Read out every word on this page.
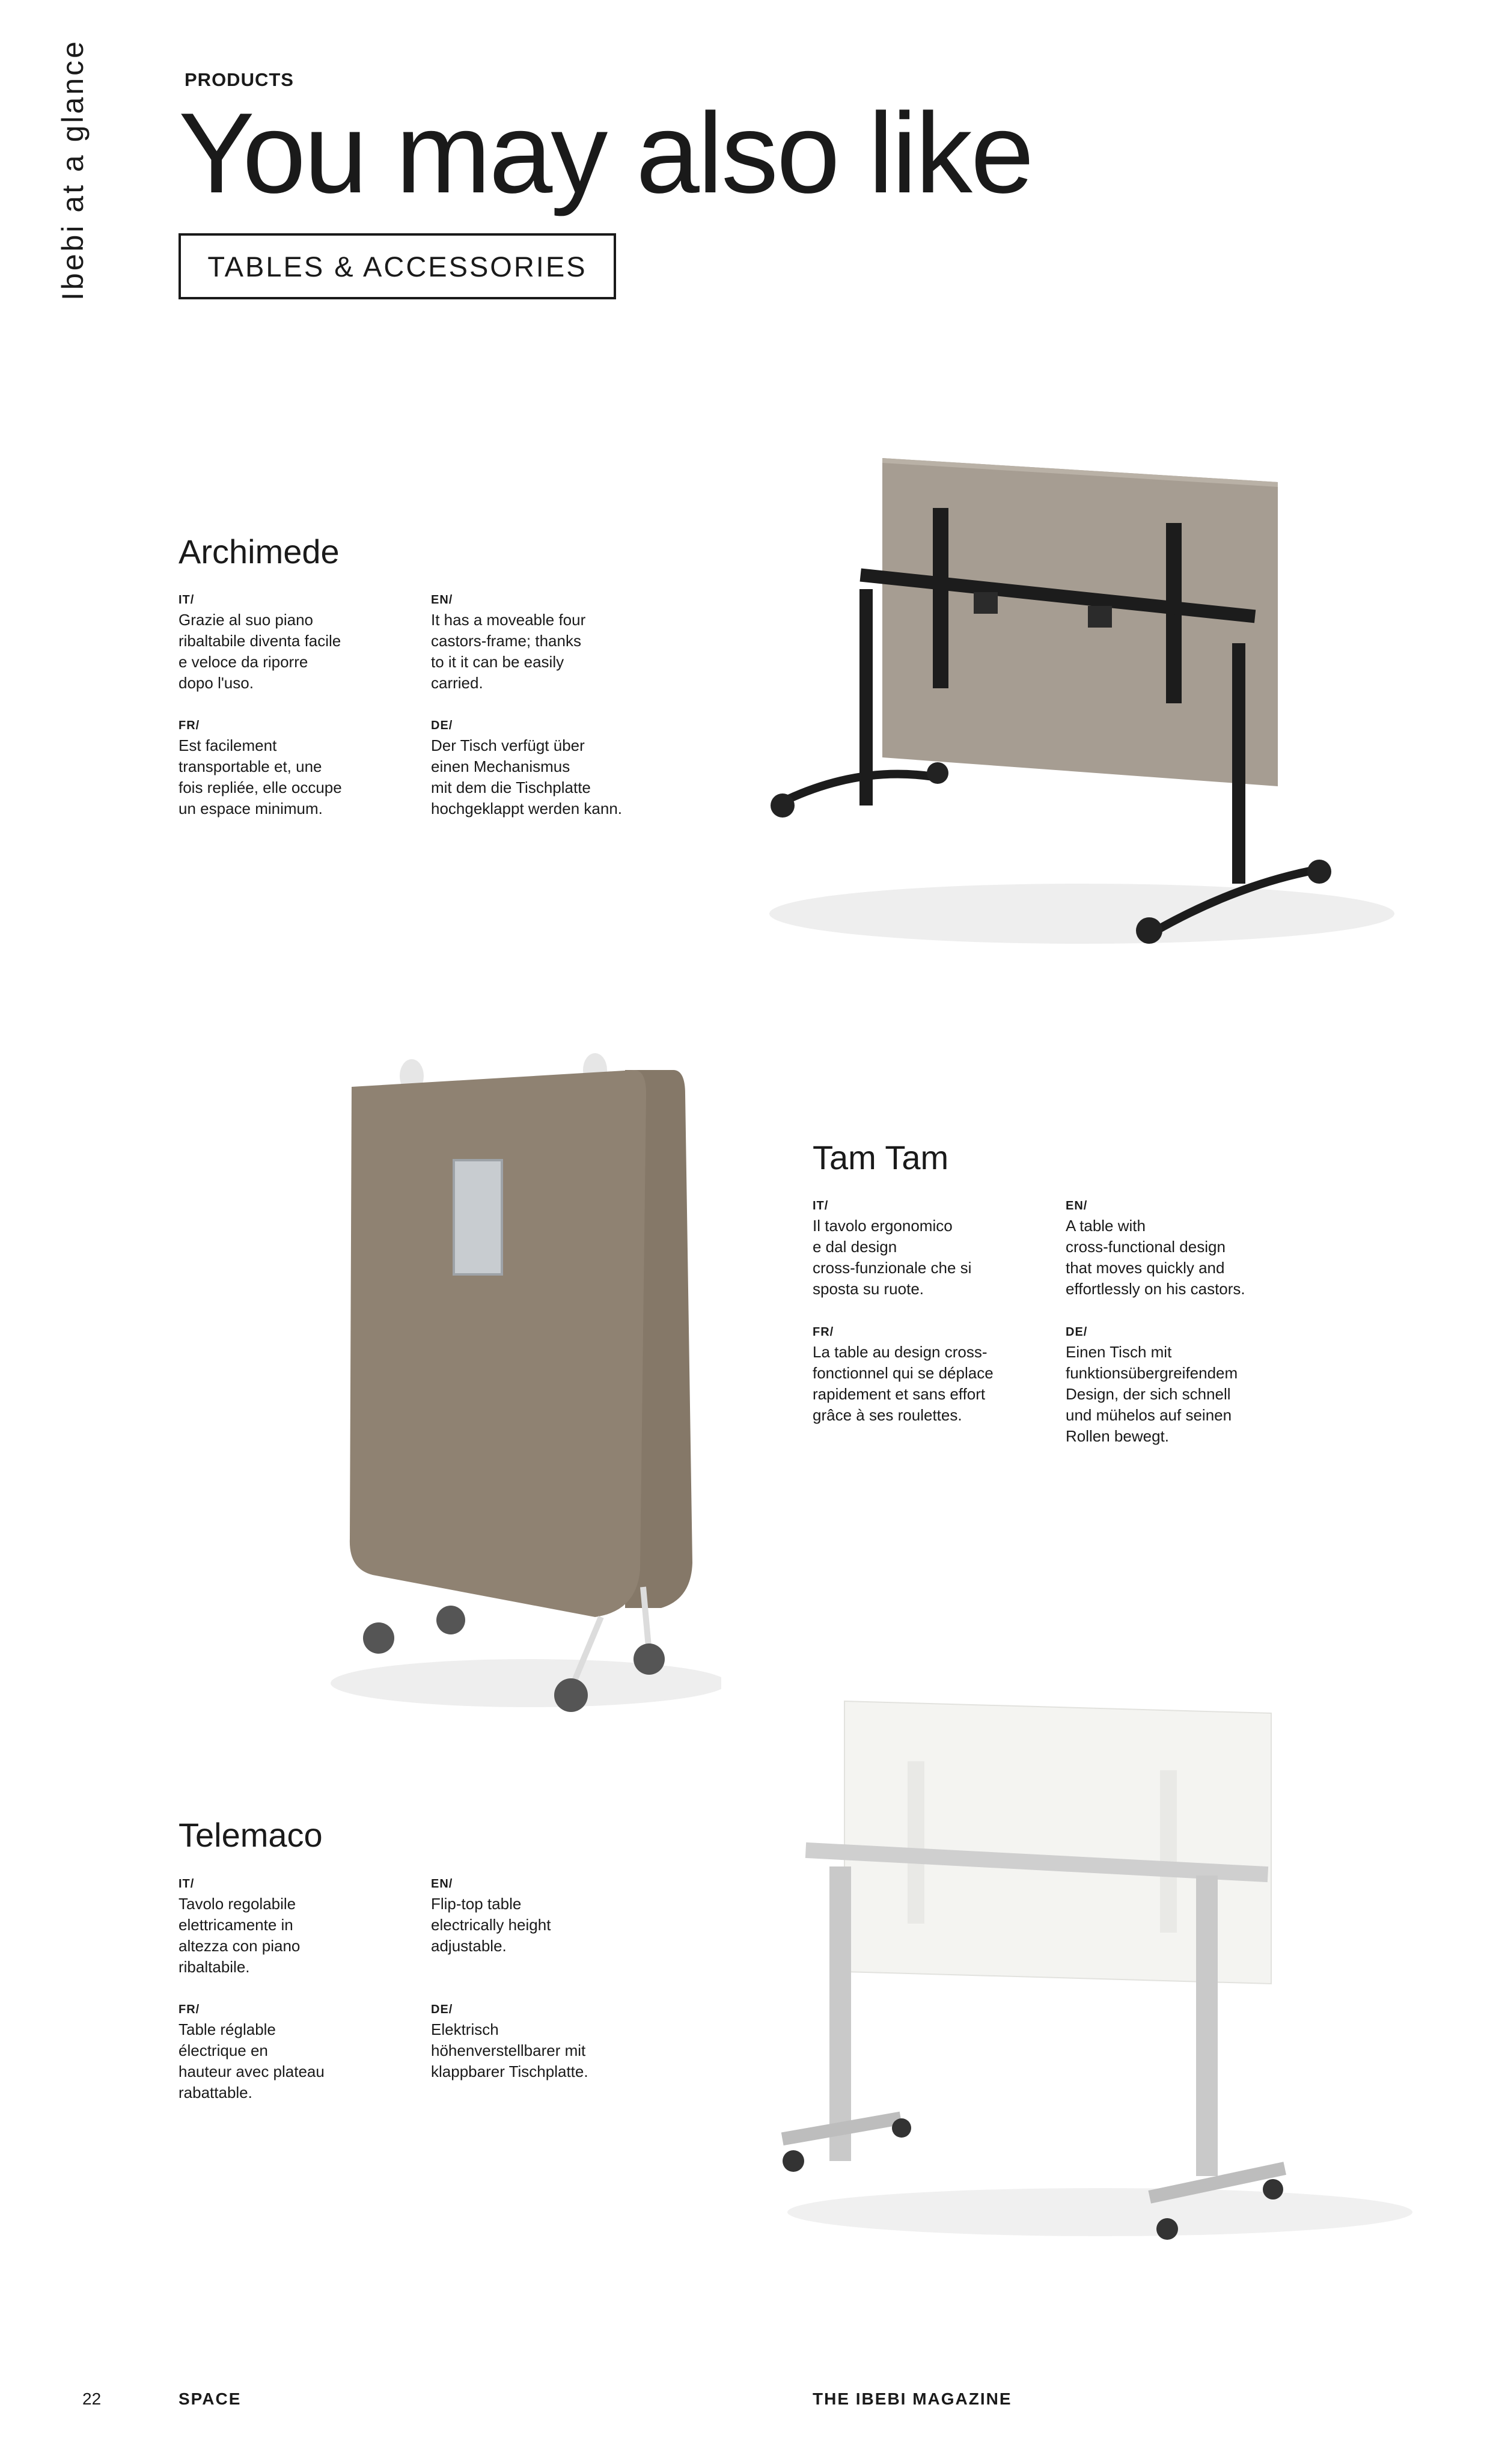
Ibebi at a glance	PRODUCTS
You may also like
TABLES & ACCESSORIES
Archimede
IT/
Grazie al suo piano
ribaltabile diventa facile
e veloce da riporre
dopo l'uso.
EN/
It has a moveable four
castors-frame; thanks
to it it can be easily
carried.
FR/
Est facilement
transportable et, une
fois repliée, elle occupe
un espace minimum.
DE/
Der Tisch verfügt über
einen Mechanismus
mit dem die Tischplatte
hochgeklappt werden kann.
Tam Tam
IT/
Il tavolo ergonomico
e dal design
cross-funzionale che si
sposta su ruote.
EN/
A table with
cross-functional design
that moves quickly and
effortlessly on his castors.
FR/
La table au design cross-
fonctionnel qui se déplace
rapidement et sans effort
grâce à ses roulettes.
DE/
Einen Tisch mit
funktionsübergreifendem
Design, der sich schnell
und mühelos auf seinen
Rollen bewegt.
Telemaco
IT/
Tavolo regolabile
elettricamente in
altezza con piano
ribaltabile.
EN/
Flip-top table
electrically height
adjustable.
FR/
Table réglable
électrique en
hauteur avec plateau
rabattable.
DE/
Elektrisch
höhenverstellbarer mit
klappbarer Tischplatte.
22	SPACE	THE IBEBI MAGAZINE
